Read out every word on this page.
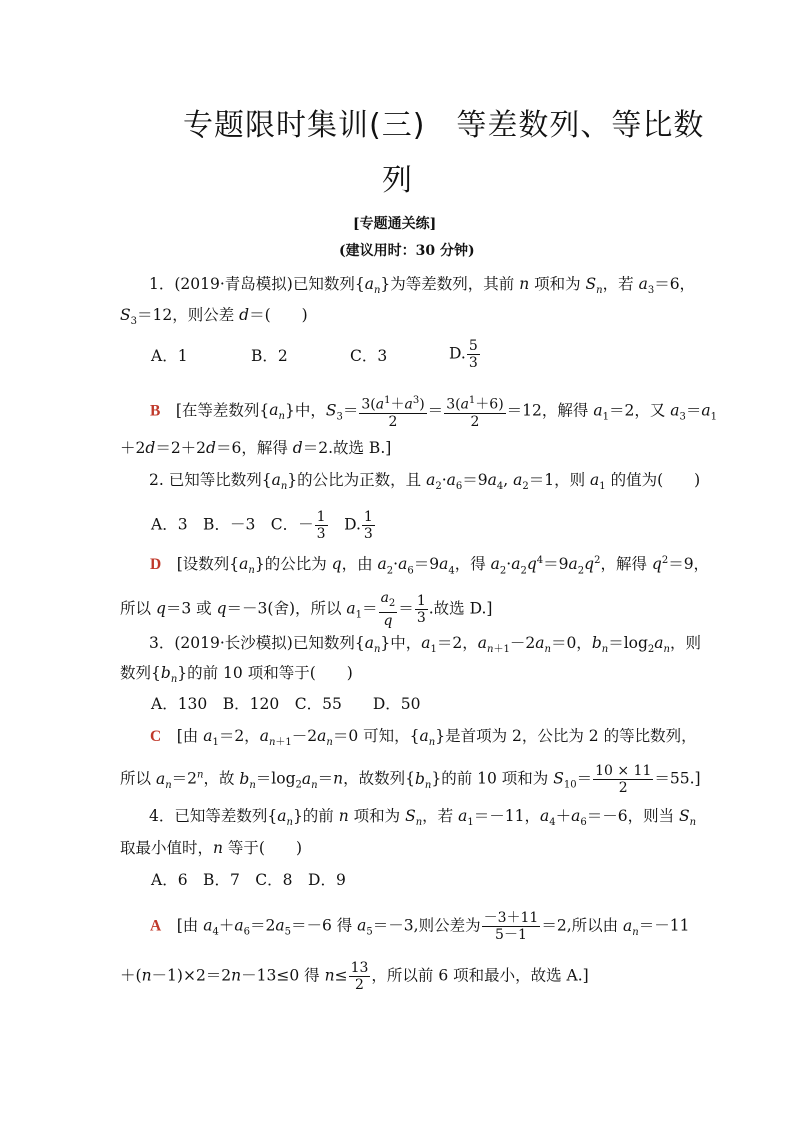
专题限时集训(三)　等差数列、等比数
列
[专题通关练]
(建议用时：30 分钟)
1．(2019·青岛模拟)已知数列$\{a_n\}$为等差数列，其前 n 项和为 $S_n$，若 $a_3=6$，
$S_3=12$，则公差 d＝(　　)
A．1	B．2	C．3	D. $\frac{5}{3}$
B　[在等差数列$\{a_n\}$中，$S_3= \frac{3(a^1+a^3)}{2} = \frac{3(a^1+6)}{2} =12$，解得 $a_1=2$，又 $a_3=a_1$
＋2d＝2＋2d＝6，解得 d＝2.故选 B.]
2. 已知等比数列$\{a_n\}$的公比为正数，且 $a_2\cdot a_6=9a_4$, $a_2=1$，则 $a_1$ 的值为(　　)
A．3　B．－3　C．－ $\frac{1}{3}$ 　D. $\frac{1}{3}$
D　[设数列$\{a_n\}$的公比为 q，由 $a_2\cdot a_6=9a_4$，得 $a_2\cdot a_2q^4=9a_2q^2$，解得 $q^2=9$，
所以 q＝3 或 q＝－3(舍)，所以 $a_1= \frac{a_2}{q} = \frac{1}{3}$ .故选 D.]
3．(2019·长沙模拟)已知数列$\{a_n\}$中，$a_1=2$，$a_{n+1}-2a_n=0$，$b_n=\log_2a_n$，则
数列$\{b_n\}$的前 10 项和等于(　　)
A．130　B．120　C．55　　D．50
C　[由 $a_1=2$，$a_{n+1}-2a_n=0$ 可知，$\{a_n\}$是首项为 2，公比为 2 的等比数列，
所以 $a_n=2^n$，故 $b_n=\log_2a_n=n$，故数列$\{b_n\}$的前 10 项和为 $S_{10}= \frac{10 \times 11}{2} =55$.]
4．已知等差数列$\{a_n\}$的前 n 项和为 $S_n$，若 $a_1=-11$，$a_4+a_6=-6$，则当 $S_n$
取最小值时，n 等于(　　)
A．6　B．7　C．8　D．9
A　[由 $a_4+a_6=2a_5=-6$ 得 $a_5=-3$,则公差为 $\frac{-3+11}{5-1} =2$,所以由 $a_n=-11$
＋(n－1)×2＝2n－13≤0 得 $n\le \frac{13}{2}$ ，所以前 6 项和最小，故选 A.]
